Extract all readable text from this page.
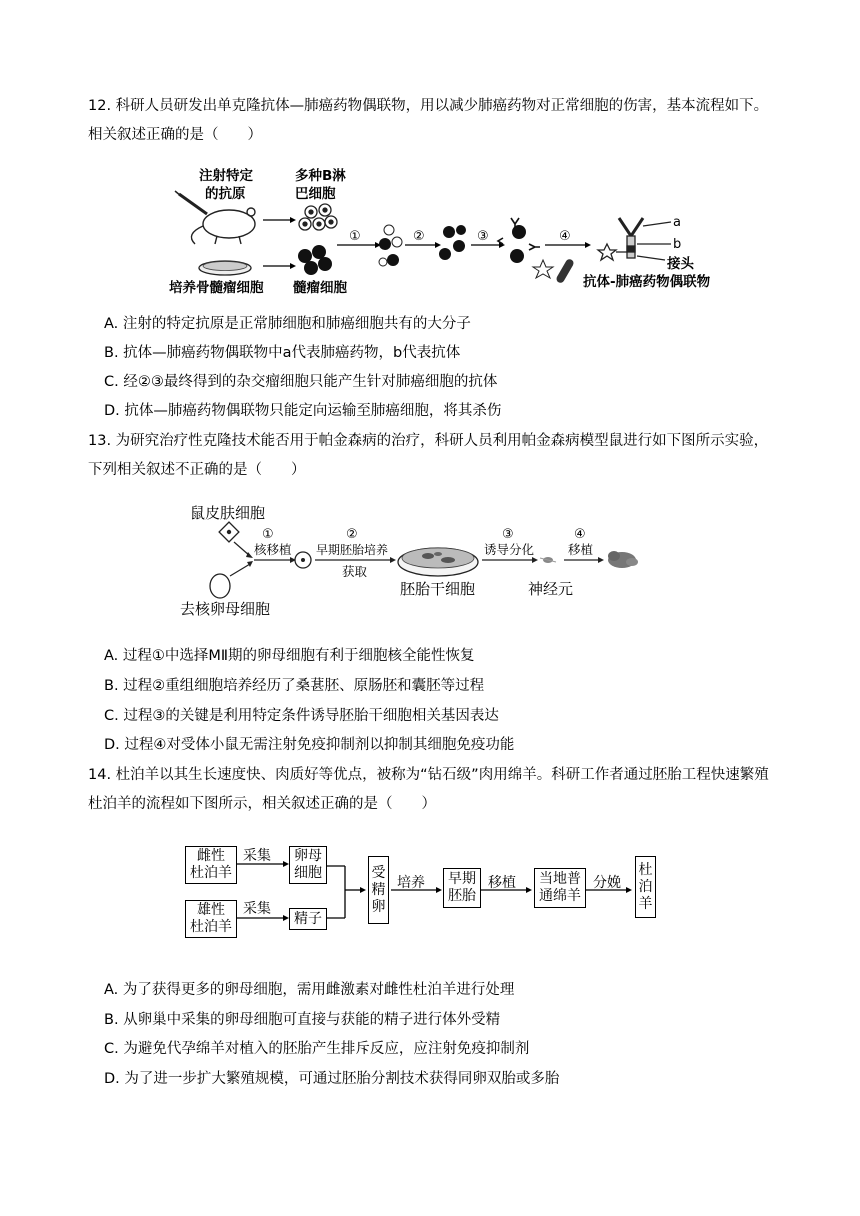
12. 科研人员研发出单克隆抗体—肺癌药物偶联物，用以减少肺癌药物对正常细胞的伤害，基本流程如下。相关叙述正确的是（　　）
注射特定
的抗原
多种B淋
巴细胞
培养骨髓瘤细胞 髓瘤细胞
①	②	③	④
a
b
接头
抗体-肺癌药物偶联物
A. 注射的特定抗原是正常肺细胞和肺癌细胞共有的大分子
B. 抗体—肺癌药物偶联物中a代表肺癌药物，b代表抗体
C. 经②③最终得到的杂交瘤细胞只能产生针对肺癌细胞的抗体
D. 抗体—肺癌药物偶联物只能定向运输至肺癌细胞，将其杀伤
13. 为研究治疗性克隆技术能否用于帕金森病的治疗，科研人员利用帕金森病模型鼠进行如下图所示实验，下列相关叙述不正确的是（　　）
鼠皮肤细胞
去核卵母细胞
①
核移植
②
早期胚胎培养
获取
胚胎干细胞
③
诱导分化
神经元
④
移植
A. 过程①中选择MⅡ期的卵母细胞有利于细胞核全能性恢复
B. 过程②重组细胞培养经历了桑葚胚、原肠胚和囊胚等过程
C. 过程③的关键是利用特定条件诱导胚胎干细胞相关基因表达
D. 过程④对受体小鼠无需注射免疫抑制剂以抑制其细胞免疫功能
14. 杜泊羊以其生长速度快、肉质好等优点，被称为“钻石级”肉用绵羊。科研工作者通过胚胎工程快速繁殖杜泊羊的流程如下图所示，相关叙述正确的是（　　）
雌性
杜泊羊
采集 卵母
细胞
雄性
杜泊羊
采集
精子
受精卵
培养 早期
胚胎
移植 当地普
通绵羊
分娩
杜泊羊
A. 为了获得更多的卵母细胞，需用雌激素对雌性杜泊羊进行处理
B. 从卵巢中采集的卵母细胞可直接与获能的精子进行体外受精
C. 为避免代孕绵羊对植入的胚胎产生排斥反应，应注射免疫抑制剂
D. 为了进一步扩大繁殖规模，可通过胚胎分割技术获得同卵双胎或多胎
